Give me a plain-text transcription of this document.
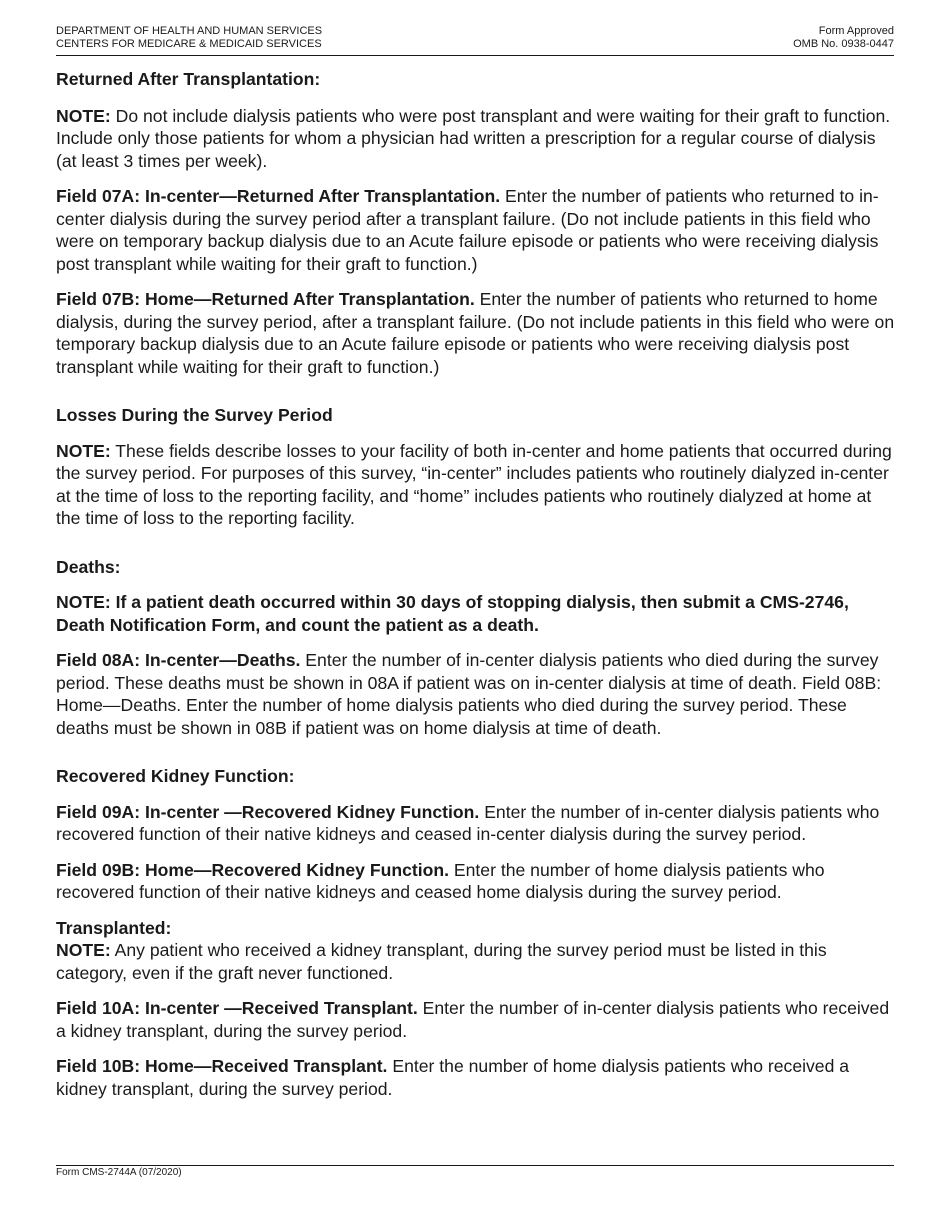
DEPARTMENT OF HEALTH AND HUMAN SERVICES
CENTERS FOR MEDICARE & MEDICAID SERVICES
Form Approved
OMB No. 0938-0447

Returned After Transplantation:

NOTE: Do not include dialysis patients who were post transplant and were waiting for their graft to function. Include only those patients for whom a physician had written a prescription for a regular course of dialysis (at least 3 times per week).

Field 07A: In-center—Returned After Transplantation. Enter the number of patients who returned to in-center dialysis during the survey period after a transplant failure. (Do not include patients in this field who were on temporary backup dialysis due to an Acute failure episode or patients who were receiving dialysis post transplant while waiting for their graft to function.)

Field 07B: Home—Returned After Transplantation. Enter the number of patients who returned to home dialysis, during the survey period, after a transplant failure. (Do not include patients in this field who were on temporary backup dialysis due to an Acute failure episode or patients who were receiving dialysis post transplant while waiting for their graft to function.)

Losses During the Survey Period

NOTE: These fields describe losses to your facility of both in-center and home patients that occurred during the survey period. For purposes of this survey, “in-center” includes patients who routinely dialyzed in-center at the time of loss to the reporting facility, and “home” includes patients who routinely dialyzed at home at the time of loss to the reporting facility.

Deaths:

NOTE: If a patient death occurred within 30 days of stopping dialysis, then submit a CMS-2746, Death Notification Form, and count the patient as a death.

Field 08A: In-center—Deaths. Enter the number of in-center dialysis patients who died during the survey period. These deaths must be shown in 08A if patient was on in-center dialysis at time of death. Field 08B: Home—Deaths. Enter the number of home dialysis patients who died during the survey period. These deaths must be shown in 08B if patient was on home dialysis at time of death.

Recovered Kidney Function:

Field 09A: In-center —Recovered Kidney Function. Enter the number of in-center dialysis patients who recovered function of their native kidneys and ceased in-center dialysis during the survey period.

Field 09B: Home—Recovered Kidney Function. Enter the number of home dialysis patients who recovered function of their native kidneys and ceased home dialysis during the survey period.

Transplanted:

NOTE: Any patient who received a kidney transplant, during the survey period must be listed in this category, even if the graft never functioned.

Field 10A: In-center —Received Transplant. Enter the number of in-center dialysis patients who received a kidney transplant, during the survey period.

Field 10B: Home—Received Transplant. Enter the number of home dialysis patients who received a kidney transplant, during the survey period.

Form CMS-2744A (07/2020)
